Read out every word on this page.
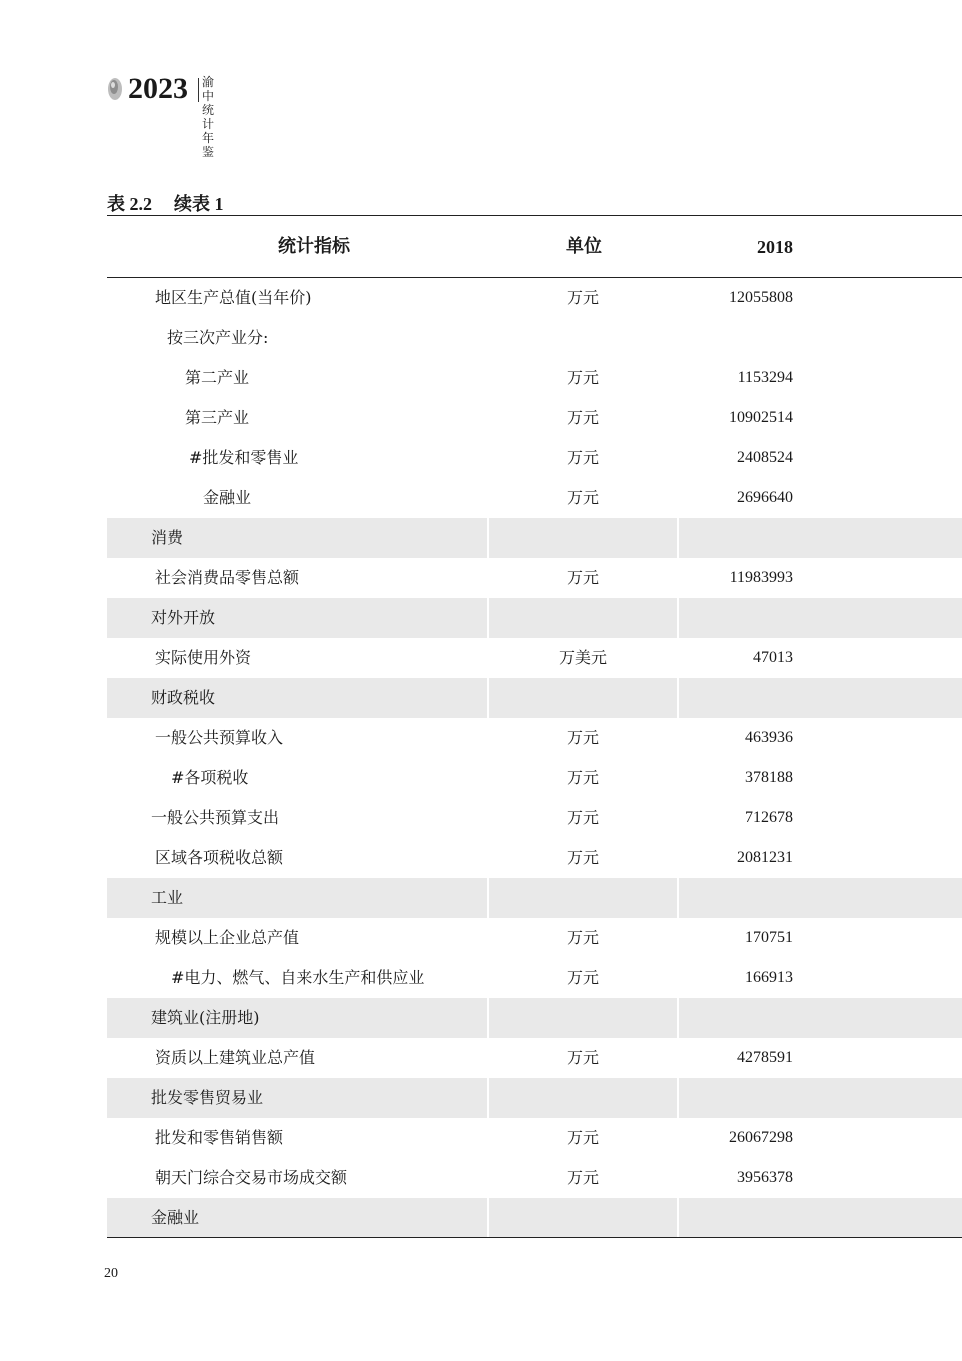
2023 渝中
统计年鉴
表 2.2 续表 1
统计指标	单位	2018
地区生产总值(当年价)	万元	12055808
按三次产业分:
第二产业	万元	1153294
第三产业	万元	10902514
#批发和零售业	万元	2408524
金融业	万元	2696640
消费
社会消费品零售总额	万元	11983993
对外开放
实际使用外资	万美元	47013
财政税收
一般公共预算收入	万元	463936
#各项税收	万元	378188
一般公共预算支出	万元	712678
区域各项税收总额	万元	2081231
工业
规模以上企业总产值	万元	170751
#电力、燃气、自来水生产和供应业	万元	166913
建筑业(注册地)
资质以上建筑业总产值	万元	4278591
批发零售贸易业
批发和零售销售额	万元	26067298
朝天门综合交易市场成交额	万元	3956378
金融业
20
